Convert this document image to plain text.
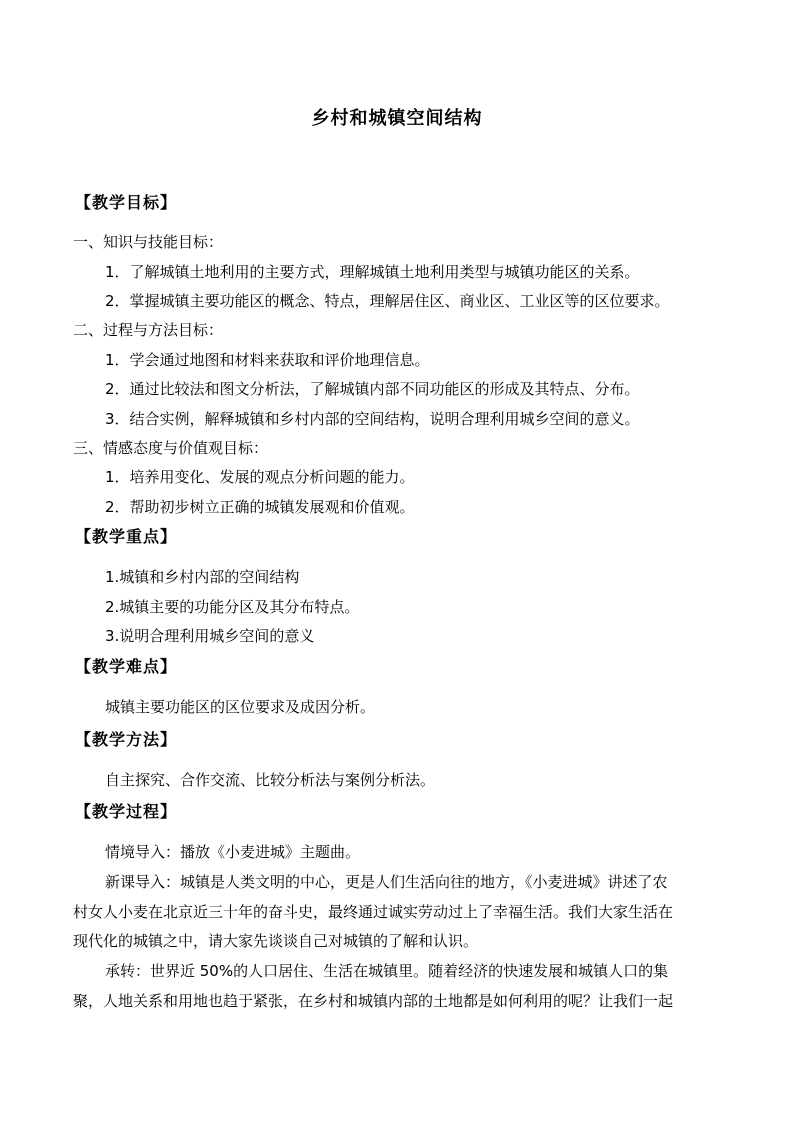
乡村和城镇空间结构
【教学目标】
一、知识与技能目标：
1．了解城镇土地利用的主要方式，理解城镇土地利用类型与城镇功能区的关系。
2．掌握城镇主要功能区的概念、特点，理解居住区、商业区、工业区等的区位要求。
二、过程与方法目标：
1．学会通过地图和材料来获取和评价地理信息。
2．通过比较法和图文分析法，了解城镇内部不同功能区的形成及其特点、分布。
3．结合实例，解释城镇和乡村内部的空间结构，说明合理利用城乡空间的意义。
三、情感态度与价值观目标：
1．培养用变化、发展的观点分析问题的能力。
2．帮助初步树立正确的城镇发展观和价值观。
【教学重点】
1.城镇和乡村内部的空间结构
2.城镇主要的功能分区及其分布特点。
3.说明合理利用城乡空间的意义
【教学难点】
城镇主要功能区的区位要求及成因分析。
【教学方法】
自主探究、合作交流、比较分析法与案例分析法。
【教学过程】
情境导入：播放《小麦进城》主题曲。
新课导入：城镇是人类文明的中心，更是人们生活向往的地方，《小麦进城》讲述了农
村女人小麦在北京近三十年的奋斗史，最终通过诚实劳动过上了幸福生活。我们大家生活在
现代化的城镇之中，请大家先谈谈自己对城镇的了解和认识。
承转：世界近 50%的人口居住、生活在城镇里。随着经济的快速发展和城镇人口的集
聚，人地关系和用地也趋于紧张，在乡村和城镇内部的土地都是如何利用的呢？让我们一起
